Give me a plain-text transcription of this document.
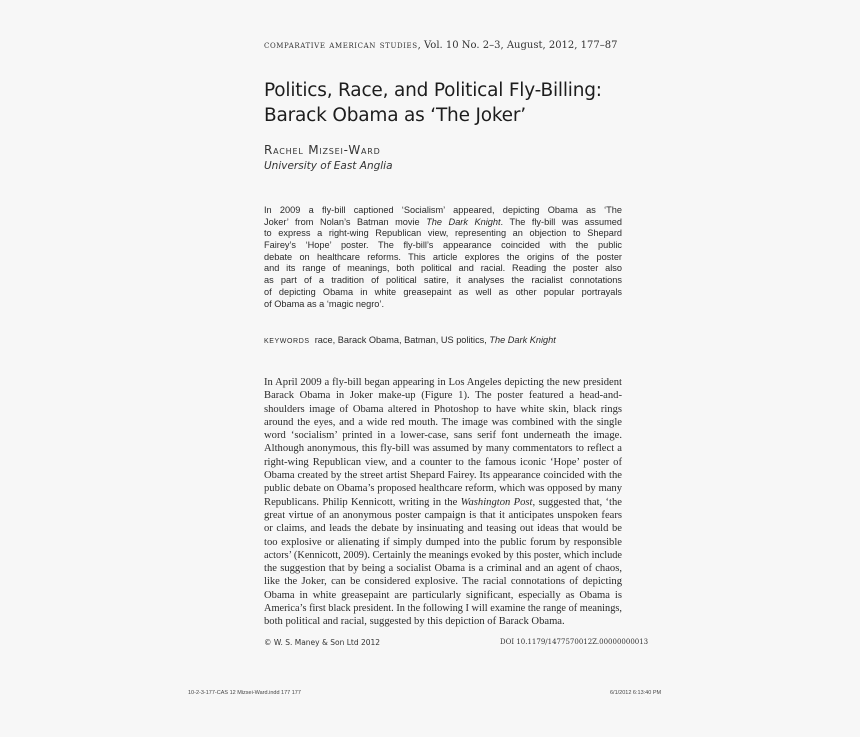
comparative american studies, Vol. 10 No. 2–3, August, 2012, 177–87
Politics, Race, and Political Fly-Billing:
Barack Obama as ‘The Joker’
Rachel Mizsei-Ward
University of East Anglia
In 2009 a fly-bill captioned ‘Socialism’ appeared, depicting Obama as ‘The
Joker’ from Nolan’s Batman movie The Dark Knight. The fly-bill was assumed
to express a right-wing Republican view, representing an objection to Shepard
Fairey’s ‘Hope’ poster. The fly-bill’s appearance coincided with the public
debate on healthcare reforms. This article explores the origins of the poster
and its range of meanings, both political and racial. Reading the poster also
as part of a tradition of political satire, it analyses the racialist connotations
of depicting Obama in white greasepaint as well as other popular portrayals
of Obama as a ‘magic negro’.
keywords race, Barack Obama, Batman, US politics, The Dark Knight
In April 2009 a fly-bill began appearing in Los Angeles depicting the new president
Barack Obama in Joker make-up (Figure 1). The poster featured a head-and-
shoulders image of Obama altered in Photoshop to have white skin, black rings
around the eyes, and a wide red mouth. The image was combined with the single
word ‘socialism’ printed in a lower-case, sans serif font underneath the image.
Although anonymous, this fly-bill was assumed by many commentators to reflect a
right-wing Republican view, and a counter to the famous iconic ‘Hope’ poster of
Obama created by the street artist Shepard Fairey. Its appearance coincided with the
public debate on Obama’s proposed healthcare reform, which was opposed by many
Republicans. Philip Kennicott, writing in the Washington Post, suggested that, ‘the
great virtue of an anonymous poster campaign is that it anticipates unspoken fears
or claims, and leads the debate by insinuating and teasing out ideas that would be
too explosive or alienating if simply dumped into the public forum by responsible
actors’ (Kennicott, 2009). Certainly the meanings evoked by this poster, which include
the suggestion that by being a socialist Obama is a criminal and an agent of chaos,
like the Joker, can be considered explosive. The racial connotations of depicting
Obama in white greasepaint are particularly significant, especially as Obama is
America’s first black president. In the following I will examine the range of meanings,
both political and racial, suggested by this depiction of Barack Obama.
© W. S. Maney & Son Ltd 2012	DOI 10.1179/1477570012Z.00000000013
10-2-3-177-CAS 12 Mizsei-Ward.indd 177 177	6/1/2012 6:13:40 PM
